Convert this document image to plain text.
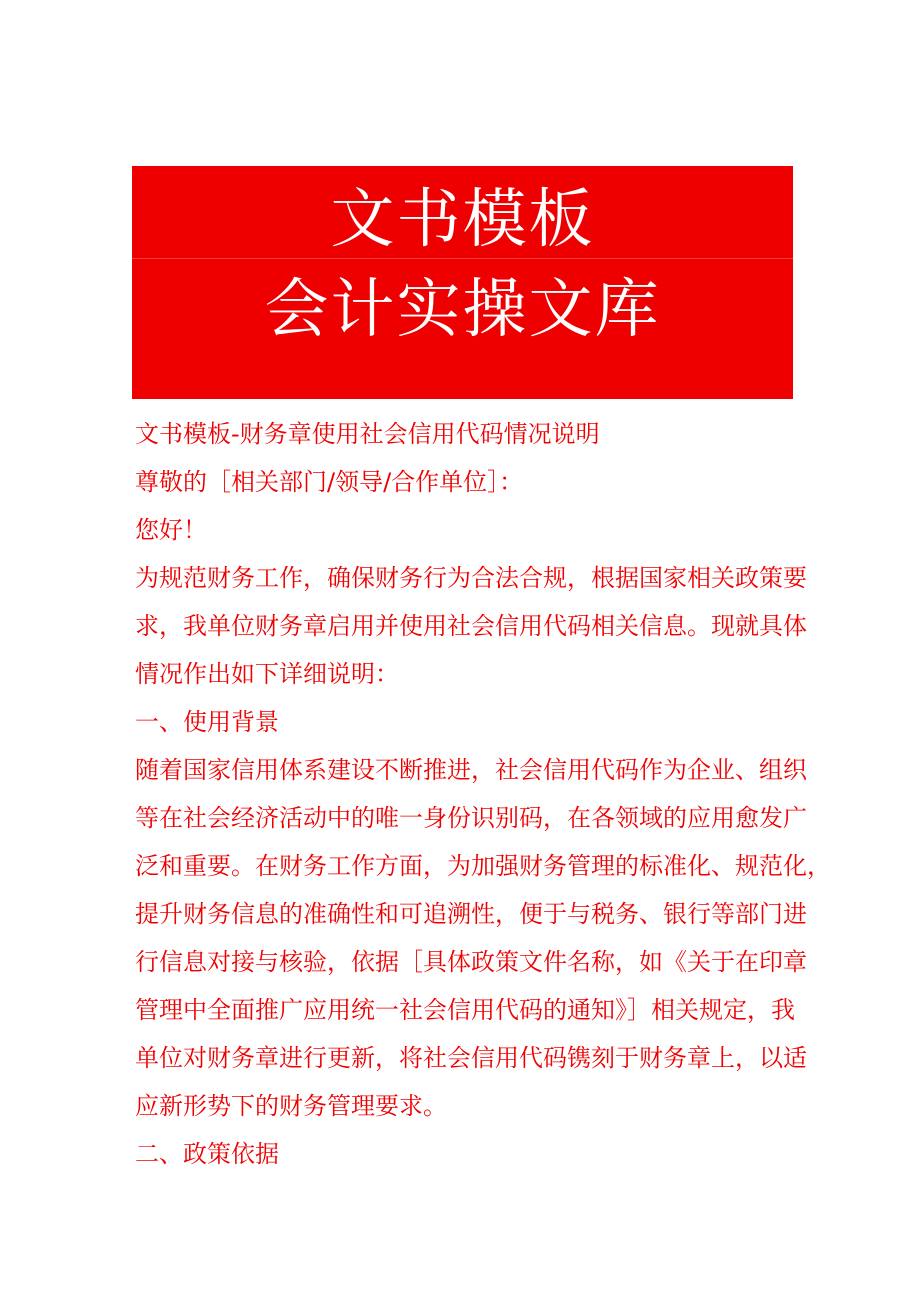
文书模板
会计实操文库
文书模板-财务章使用社会信用代码情况说明
尊敬的［相关部门/领导/合作单位］：
您好！
为规范财务工作，确保财务行为合法合规，根据国家相关政策要
求，我单位财务章启用并使用社会信用代码相关信息。现就具体
情况作出如下详细说明：
一、使用背景
随着国家信用体系建设不断推进，社会信用代码作为企业、组织
等在社会经济活动中的唯一身份识别码，在各领域的应用愈发广
泛和重要。在财务工作方面，为加强财务管理的标准化、规范化，
提升财务信息的准确性和可追溯性，便于与税务、银行等部门进
行信息对接与核验，依据［具体政策文件名称，如《关于在印章
管理中全面推广应用统一社会信用代码的通知》］相关规定，我
单位对财务章进行更新，将社会信用代码镌刻于财务章上，以适
应新形势下的财务管理要求。
二、政策依据
